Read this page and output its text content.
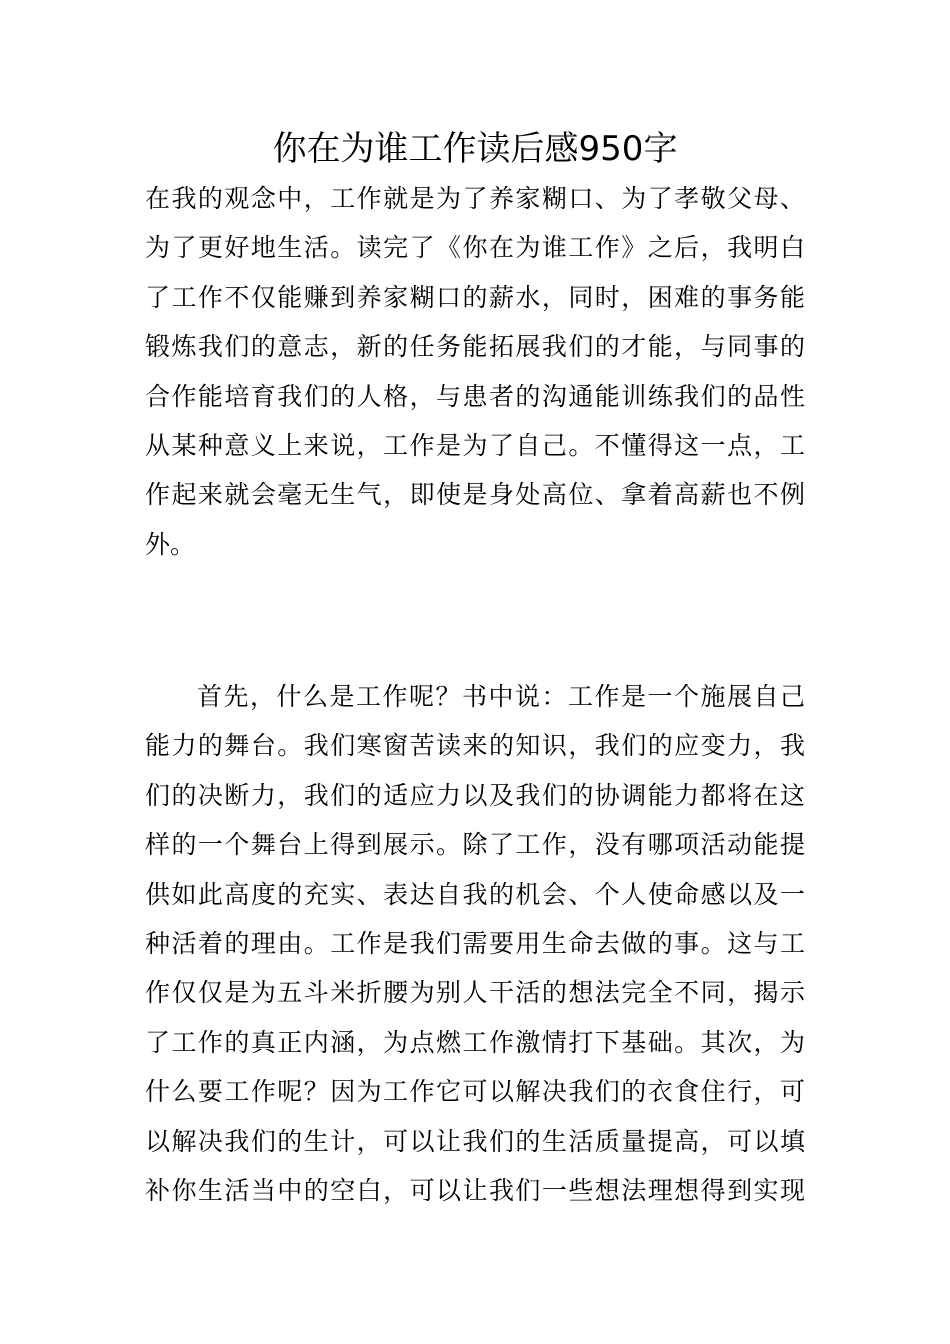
你在为谁工作读后感950字
在我的观念中，工作就是为了养家糊口、为了孝敬父母、
为了更好地生活。读完了《你在为谁工作》之后，我明白
了工作不仅能赚到养家糊口的薪水，同时，困难的事务能
锻炼我们的意志，新的任务能拓展我们的才能，与同事的
合作能培育我们的人格，与患者的沟通能训练我们的品性
从某种意义上来说，工作是为了自己。不懂得这一点，工
作起来就会毫无生气，即使是身处高位、拿着高薪也不例
外。
首先，什么是工作呢？书中说：工作是一个施展自己
能力的舞台。我们寒窗苦读来的知识，我们的应变力，我
们的决断力，我们的适应力以及我们的协调能力都将在这
样的一个舞台上得到展示。除了工作，没有哪项活动能提
供如此高度的充实、表达自我的机会、个人使命感以及一
种活着的理由。工作是我们需要用生命去做的事。这与工
作仅仅是为五斗米折腰为别人干活的想法完全不同，揭示
了工作的真正内涵，为点燃工作激情打下基础。其次，为
什么要工作呢？因为工作它可以解决我们的衣食住行，可
以解决我们的生计，可以让我们的生活质量提高，可以填
补你生活当中的空白，可以让我们一些想法理想得到实现
